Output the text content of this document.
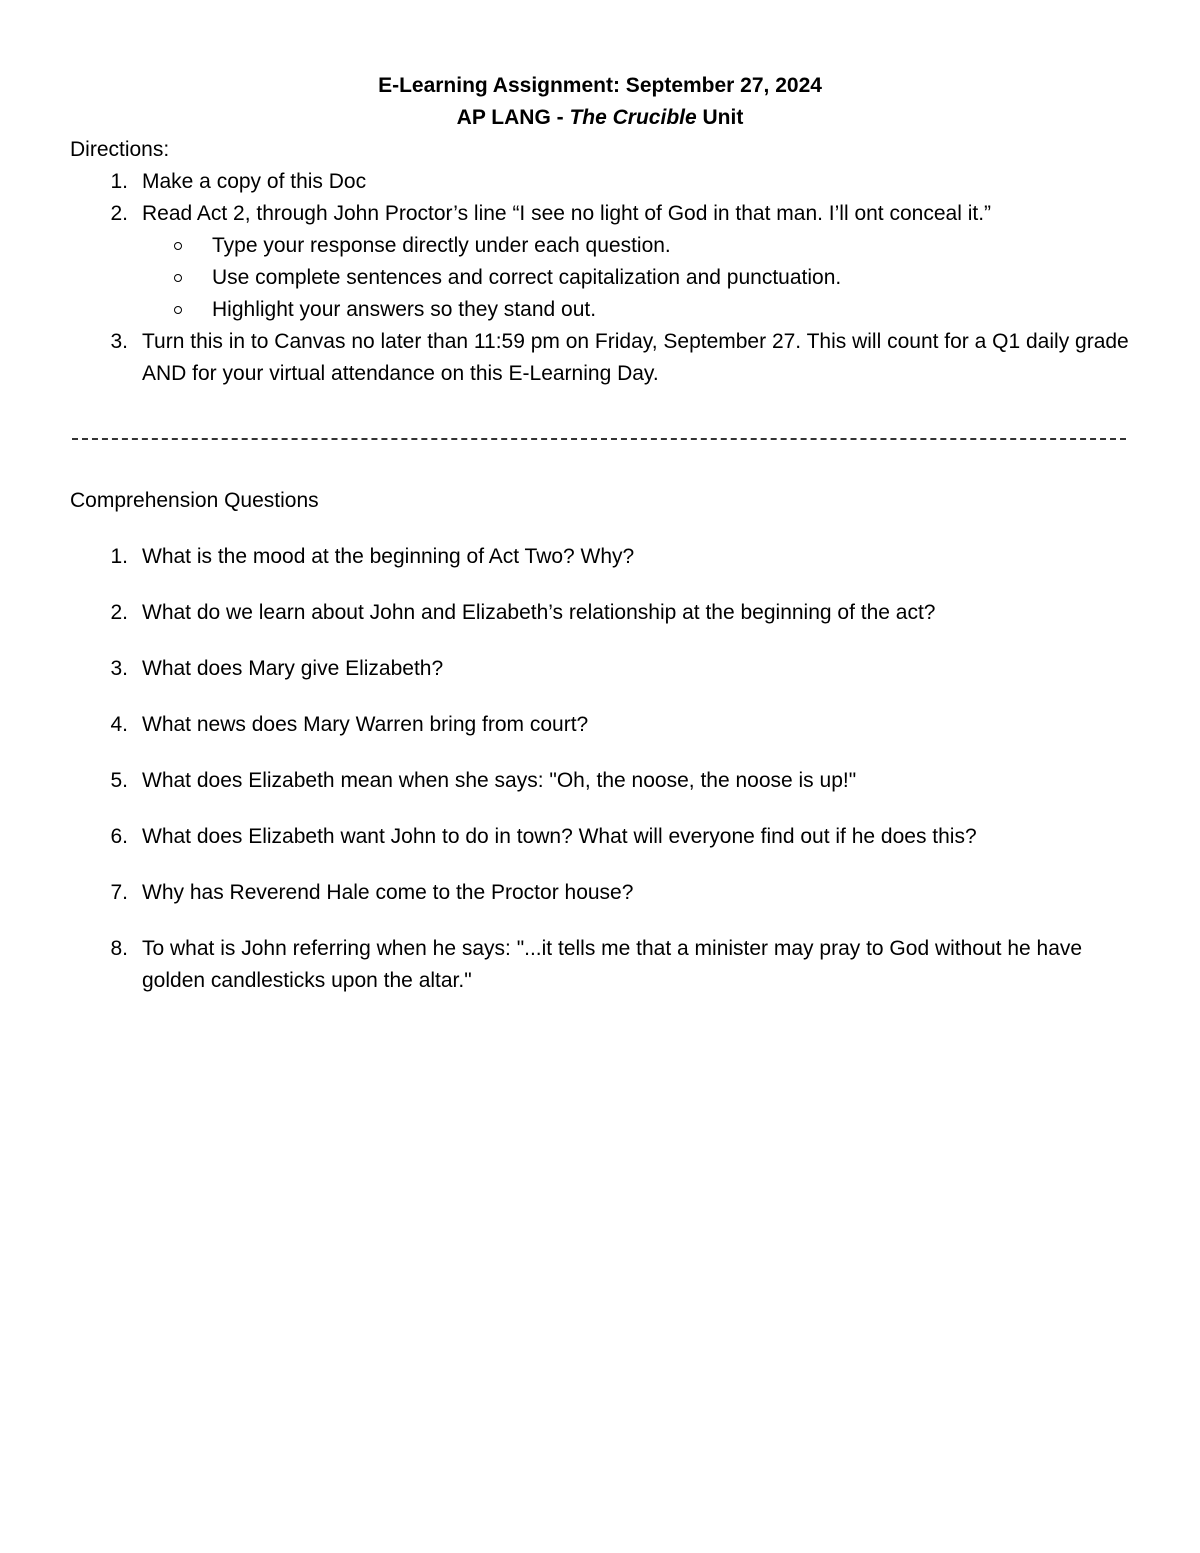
E-Learning Assignment: September 27, 2024
AP LANG - The Crucible Unit
Directions:
1. Make a copy of this Doc
2. Read Act 2, through John Proctor’s line “I see no light of God in that man. I’ll ont conceal it.”
Type your response directly under each question.
Use complete sentences and correct capitalization and punctuation.
Highlight your answers so they stand out.
3. Turn this in to Canvas no later than 11:59 pm on Friday, September 27. This will count for a Q1 daily grade AND for your virtual attendance on this E-Learning Day.
Comprehension Questions
1. What is the mood at the beginning of Act Two? Why?
2. What do we learn about John and Elizabeth’s relationship at the beginning of the act?
3. What does Mary give Elizabeth?
4. What news does Mary Warren bring from court?
5. What does Elizabeth mean when she says: "Oh, the noose, the noose is up!"
6. What does Elizabeth want John to do in town? What will everyone find out if he does this?
7. Why has Reverend Hale come to the Proctor house?
8. To what is John referring when he says: "...it tells me that a minister may pray to God without he have golden candlesticks upon the altar."
